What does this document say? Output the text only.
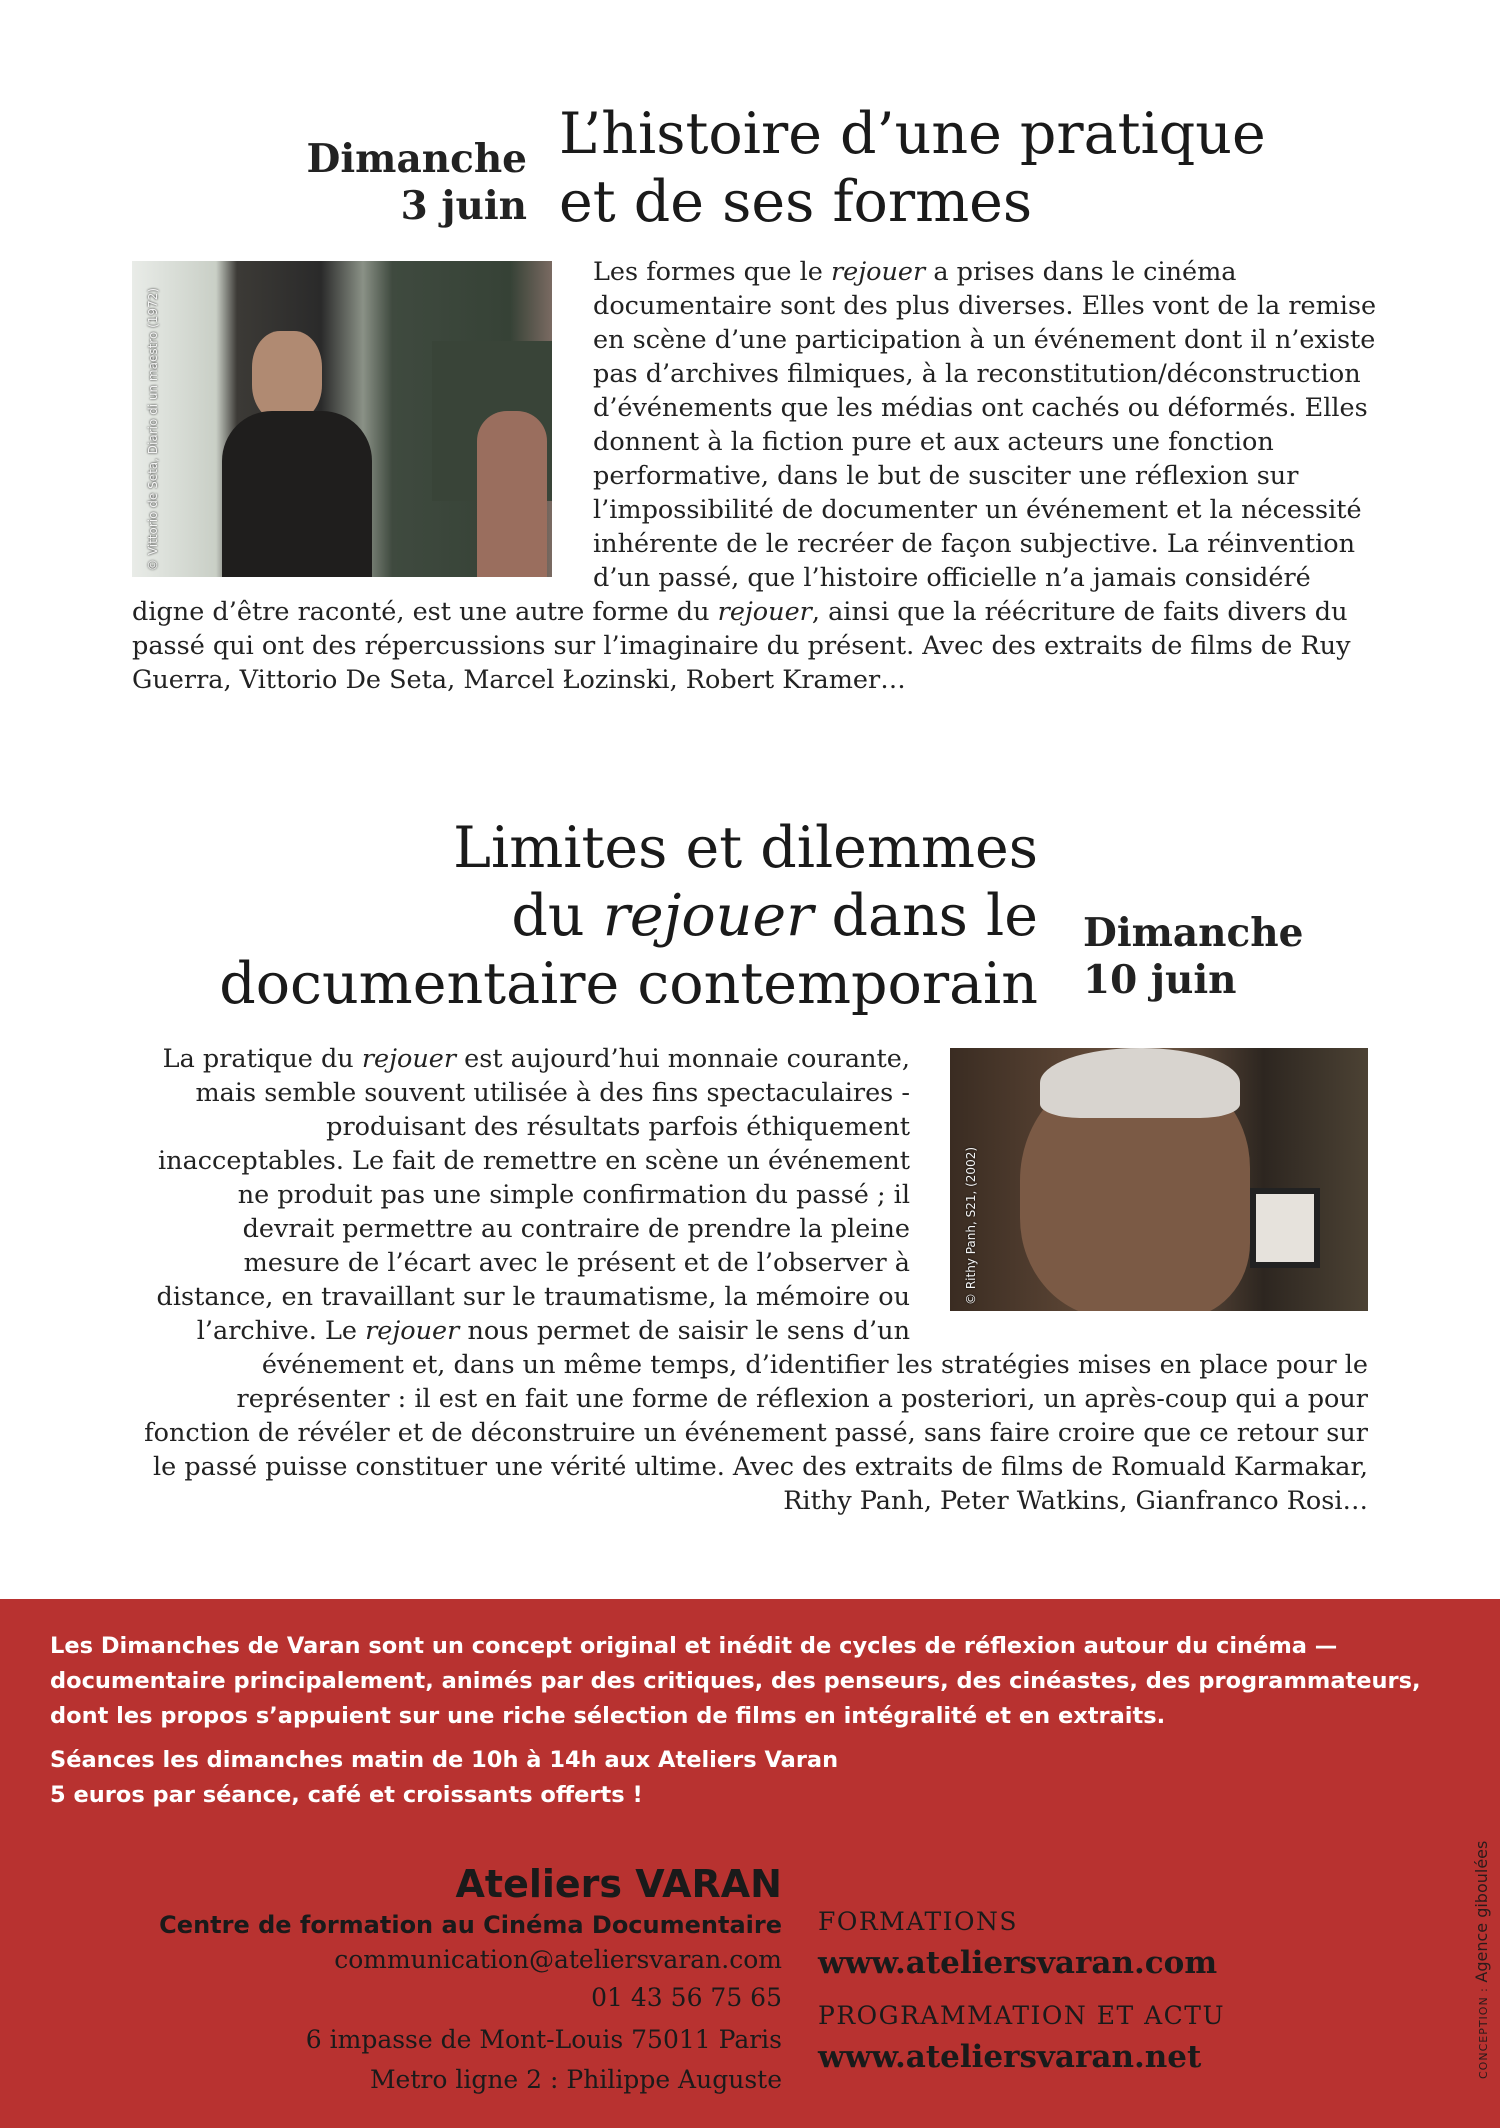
Dimanche
3 juin
L’histoire d’une pratique
et de ses formes
© Vittorio de Seta, Diario di un maestro (1972)

Les formes que le rejouer a prises dans le cinéma documentaire sont des plus diverses. Elles vont de la remise en scène d’une participation à un événement dont il n’existe pas d’archives filmiques, à la reconstitution/déconstruction d’événements que les médias ont cachés ou déformés. Elles donnent à la fiction pure et aux acteurs une fonction performative, dans le but de susciter une réflexion sur l’impossibilité de documenter un événement et la nécessité inhérente de le recréer de façon subjective. La réinvention d’un passé, que l’histoire officielle n’a jamais considéré digne d’être raconté, est une autre forme du rejouer, ainsi que la réécriture de faits divers du passé qui ont des répercussions sur l’imaginaire du présent. Avec des extraits de films de Ruy Guerra, Vittorio De Seta, Marcel Łozinski, Robert Kramer…

Limites et dilemmes
du rejouer dans le
documentaire contemporain
Dimanche
10 juin
© Rithy Panh, S21, (2002)

La pratique du rejouer est aujourd’hui monnaie courante, mais semble souvent utilisée à des fins spectaculaires - produisant des résultats parfois éthiquement inacceptables. Le fait de remettre en scène un événement ne produit pas une simple confirmation du passé ; il devrait permettre au contraire de prendre la pleine mesure de l’écart avec le présent et de l’observer à distance, en travaillant sur le traumatisme, la mémoire ou l’archive. Le rejouer nous permet de saisir le sens d’un événement et, dans un même temps, d’identifier les stratégies mises en place pour le représenter : il est en fait une forme de réflexion a posteriori, un après-coup qui a pour fonction de révéler et de déconstruire un événement passé, sans faire croire que ce retour sur le passé puisse constituer une vérité ultime. Avec des extraits de films de Romuald Karmakar, Rithy Panh, Peter Watkins, Gianfranco Rosi…

Les Dimanches de Varan sont un concept original et inédit de cycles de réflexion autour du cinéma — documentaire principalement, animés par des critiques, des penseurs, des cinéastes, des programmateurs, dont les propos s’appuient sur une riche sélection de films en intégralité et en extraits.

Séances les dimanches matin de 10h à 14h aux Ateliers Varan
5 euros par séance, café et croissants offerts !
Ateliers VARAN
Centre de formation au Cinéma Documentaire
communication@ateliersvaran.com
01 43 56 75 65
6 impasse de Mont-Louis 75011 Paris
Metro ligne 2 : Philippe Auguste
FORMATIONS
www.ateliersvaran.com
PROGRAMMATION ET ACTU
www.ateliersvaran.net	CONCEPTION : Agence giboulées
